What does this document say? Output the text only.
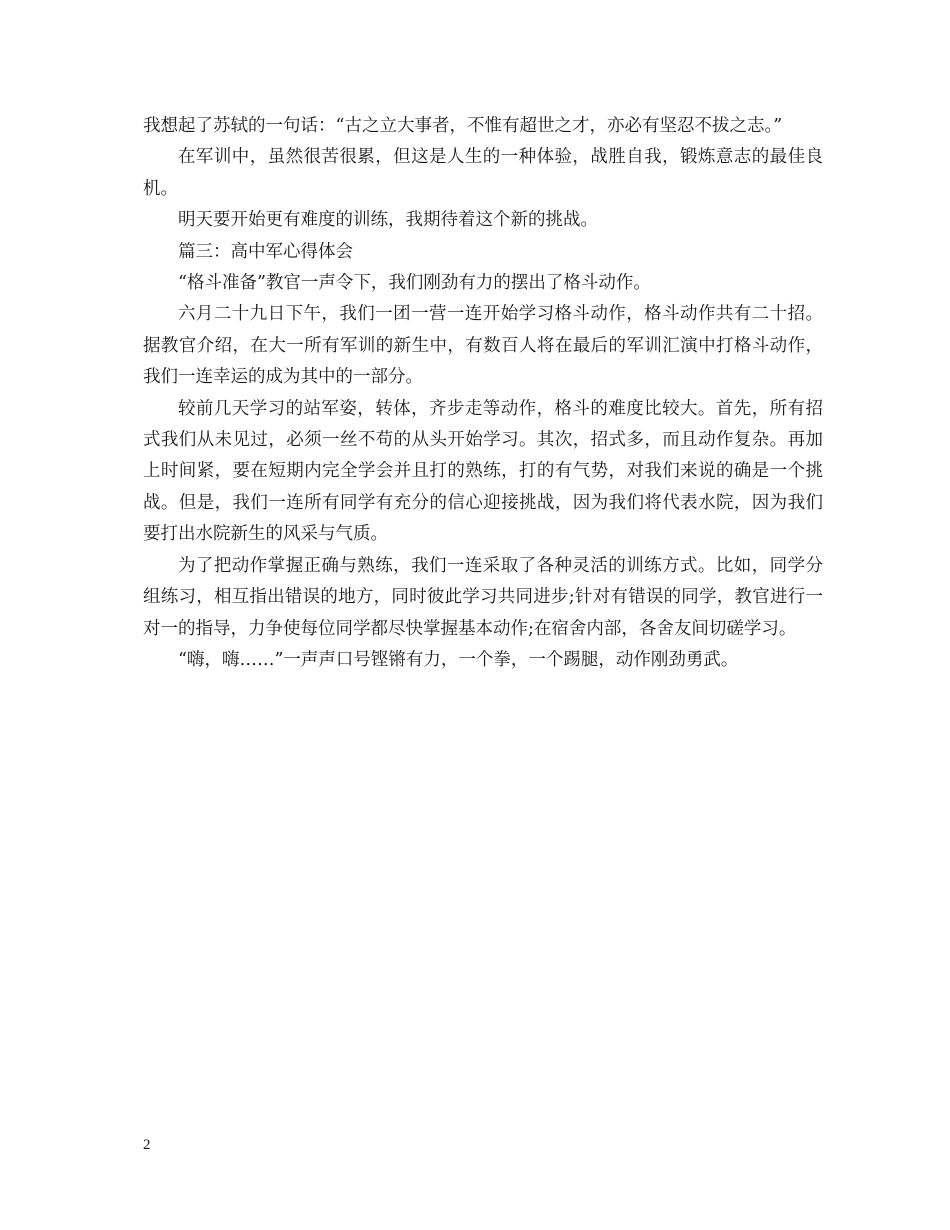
我想起了苏轼的一句话：“古之立大事者，不惟有超世之才，亦必有坚忍不拔之志。”

在军训中，虽然很苦很累，但这是人生的一种体验，战胜自我，锻炼意志的最佳良机。

明天要开始更有难度的训练，我期待着这个新的挑战。

篇三：高中军心得体会

“格斗准备”教官一声令下，我们刚劲有力的摆出了格斗动作。

六月二十九日下午，我们一团一营一连开始学习格斗动作，格斗动作共有二十招。据教官介绍，在大一所有军训的新生中，有数百人将在最后的军训汇演中打格斗动作，我们一连幸运的成为其中的一部分。

较前几天学习的站军姿，转体，齐步走等动作，格斗的难度比较大。首先，所有招式我们从未见过，必须一丝不苟的从头开始学习。其次，招式多，而且动作复杂。再加上时间紧，要在短期内完全学会并且打的熟练，打的有气势，对我们来说的确是一个挑战。但是，我们一连所有同学有充分的信心迎接挑战，因为我们将代表水院，因为我们要打出水院新生的风采与气质。

为了把动作掌握正确与熟练，我们一连采取了各种灵活的训练方式。比如，同学分组练习，相互指出错误的地方，同时彼此学习共同进步;针对有错误的同学，教官进行一对一的指导，力争使每位同学都尽快掌握基本动作;在宿舍内部，各舍友间切磋学习。

“嗨，嗨……”一声声口号铿锵有力，一个拳，一个踢腿，动作刚劲勇武。

2
